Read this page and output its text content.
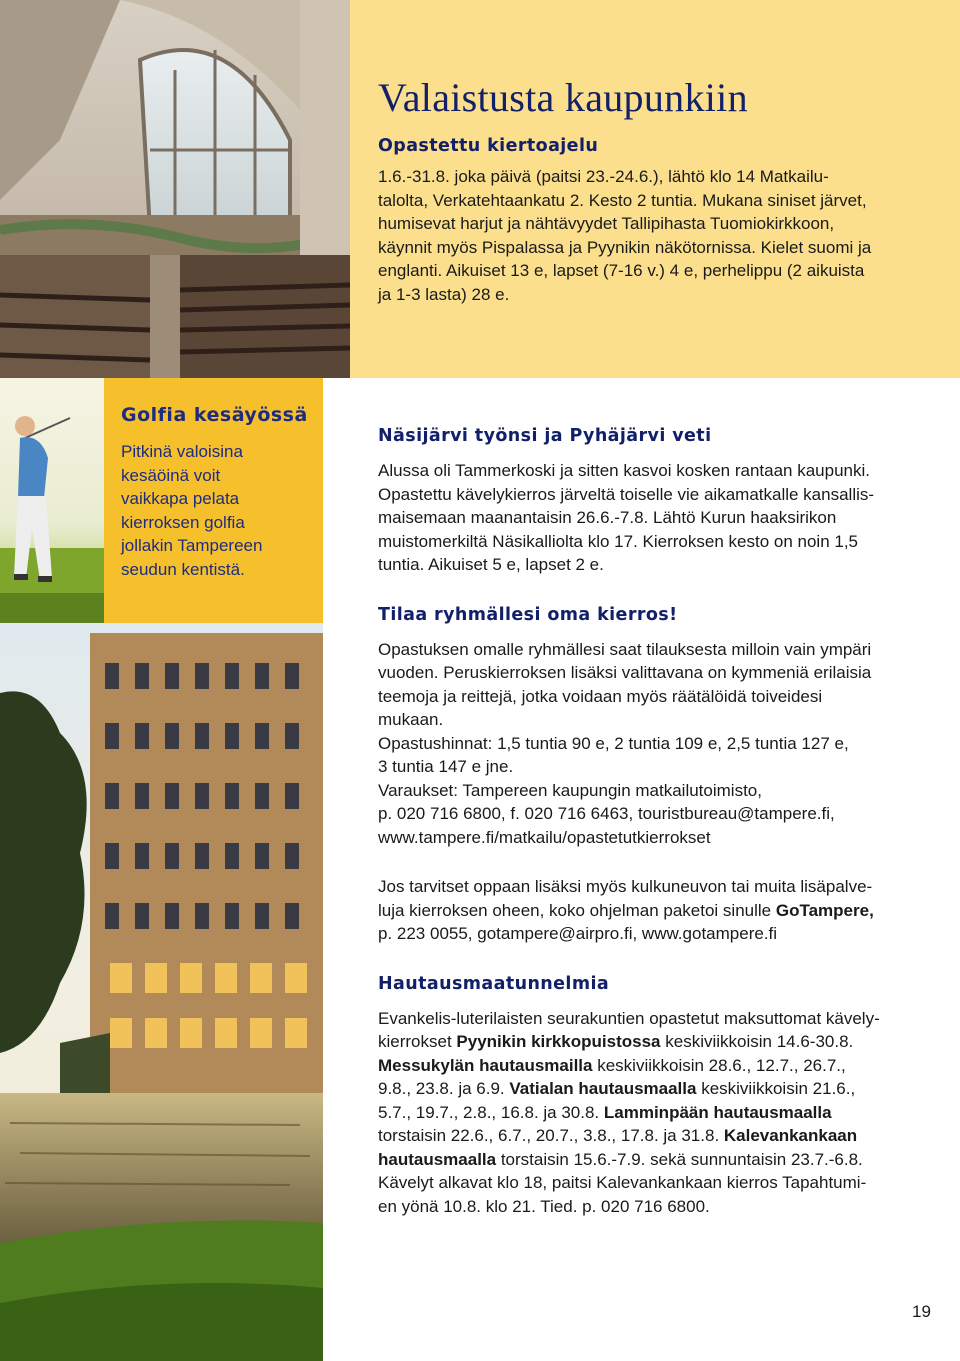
Valaistusta kaupunkiin
Opastettu kiertoajelu

1.6.-31.8. joka päivä (paitsi 23.-24.6.), lähtö klo 14 Matkailu-
talolta, Verkatehtaankatu 2. Kesto 2 tuntia. Mukana siniset järvet,
humisevat harjut ja nähtävyydet Tallipihasta Tuomiokirkkoon,
käynnit myös Pispalassa ja Pyynikin näkötornissa. Kielet suomi ja
englanti. Aikuiset 13 e, lapset (7-16 v.) 4 e, perhelippu (2 aikuista
ja 1-3 lasta) 28 e.

Golfia kesäyössä

Pitkinä valoisina
kesäöinä voit
vaikkapa pelata
kierroksen golfia
jollakin Tampereen
seudun kentistä.

Näsijärvi työnsi ja Pyhäjärvi veti

Alussa oli Tammerkoski ja sitten kasvoi kosken rantaan kaupunki.
Opastettu kävelykierros järveltä toiselle vie aikamatkalle kansallis-
maisemaan maanantaisin 26.6.-7.8. Lähtö Kurun haaksirikon
muistomerkiltä Näsikalliolta klo 17. Kierroksen kesto on noin 1,5
tuntia. Aikuiset 5 e, lapset 2 e.

Tilaa ryhmällesi oma kierros!

Opastuksen omalle ryhmällesi saat tilauksesta milloin vain ympäri
vuoden. Peruskierroksen lisäksi valittavana on kymmeniä erilaisia
teemoja ja reittejä, jotka voidaan myös räätälöidä toiveidesi
mukaan.
Opastushinnat: 1,5 tuntia 90 e, 2 tuntia 109 e, 2,5 tuntia 127 e,
3 tuntia 147 e jne.
Varaukset: Tampereen kaupungin matkailutoimisto,
p. 020 716 6800, f. 020 716 6463, touristbureau@tampere.fi,
www.tampere.fi/matkailu/opastetutkierrokset

Jos tarvitset oppaan lisäksi myös kulkuneuvon tai muita lisäpalve-
luja kierroksen oheen, koko ohjelman paketoi sinulle GoTampere,
p. 223 0055, gotampere@airpro.fi, www.gotampere.fi

Hautausmaatunnelmia

Evankelis-luterilaisten seurakuntien opastetut maksuttomat kävely-
kierrokset Pyynikin kirkkopuistossa keskiviikkoisin 14.6-30.8.
Messukylän hautausmailla keskiviikkoisin 28.6., 12.7., 26.7.,
9.8., 23.8. ja 6.9. Vatialan hautausmaalla keskiviikkoisin 21.6.,
5.7., 19.7., 2.8., 16.8. ja 30.8. Lamminpään hautausmaalla
torstaisin 22.6., 6.7., 20.7., 3.8., 17.8. ja 31.8. Kalevankankaan
hautausmaalla torstaisin 15.6.-7.9. sekä sunnuntaisin 23.7.-6.8.
Kävelyt alkavat klo 18, paitsi Kalevankankaan kierros Tapahtumi-
en yönä 10.8. klo 21. Tied. p. 020 716 6800.

19
